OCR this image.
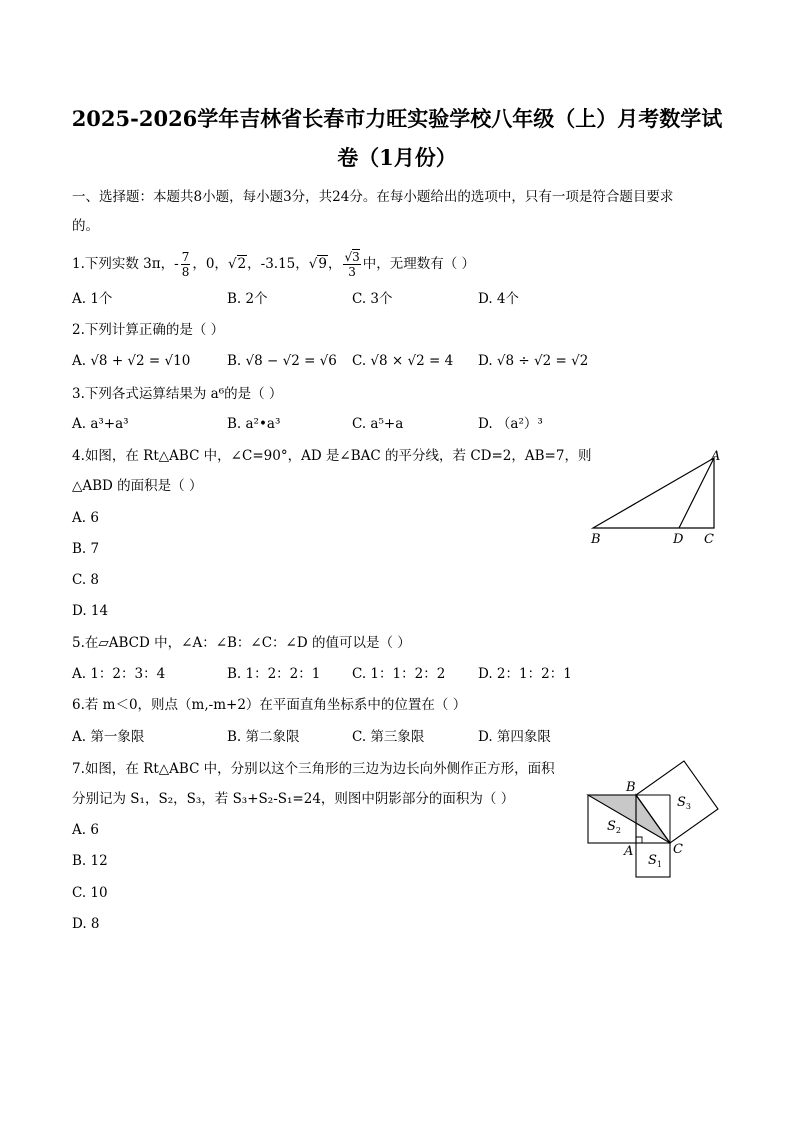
2025-2026学年吉林省长春市力旺实验学校八年级（上）月考数学试
卷（1月份）
一、选择题：本题共8小题，每小题3分，共24分。在每小题给出的选项中，只有一项是符合题目要求
的。
1.下列实数 3π，- $\frac{7}{8}$ ，0，√2，-3.15，√9， $\frac{√3}{3}$ 中，无理数有（ ）
A. 1个	B. 2个	C. 3个	D. 4个
2.下列计算正确的是（ ）
A. √8 + √2 = √10	B. √8 − √2 = √6 C. √8 × √2 = 4 D. √8 ÷ √2 = √2
3.下列各式运算结果为 a⁶的是（ ）
A. a³+a³	B. a²•a³	C. a⁵+a	D. （a²）³
4.如图，在 Rt△ABC 中，∠C=90°，AD 是∠BAC 的平分线，若 CD=2，AB=7，则
△ABD 的面积是（ ）
A. 6
B. 7
C. 8
D. 14
A
B	D C
5.在▱ABCD 中，∠A：∠B：∠C：∠D 的值可以是（ ）
A. 1：2：3：4	B. 1：2：2：1 C. 1：1：2：2 D. 2：1：2：1
6.若 m＜0，则点（m,-m+2）在平面直角坐标系中的位置在（ ）
A. 第一象限	B. 第二象限	C. 第三象限	D. 第四象限
7.如图，在 Rt△ABC 中，分别以这个三角形的三边为边长向外侧作正方形，面积
分别记为 S₁，S₂，S₃，若 S₃+S₂-S₁=24，则图中阴影部分的面积为（ ）
A. 6
B. 12
C. 10
D. 8
B
A	C
$S_2$
$S_1$
$S_3$
